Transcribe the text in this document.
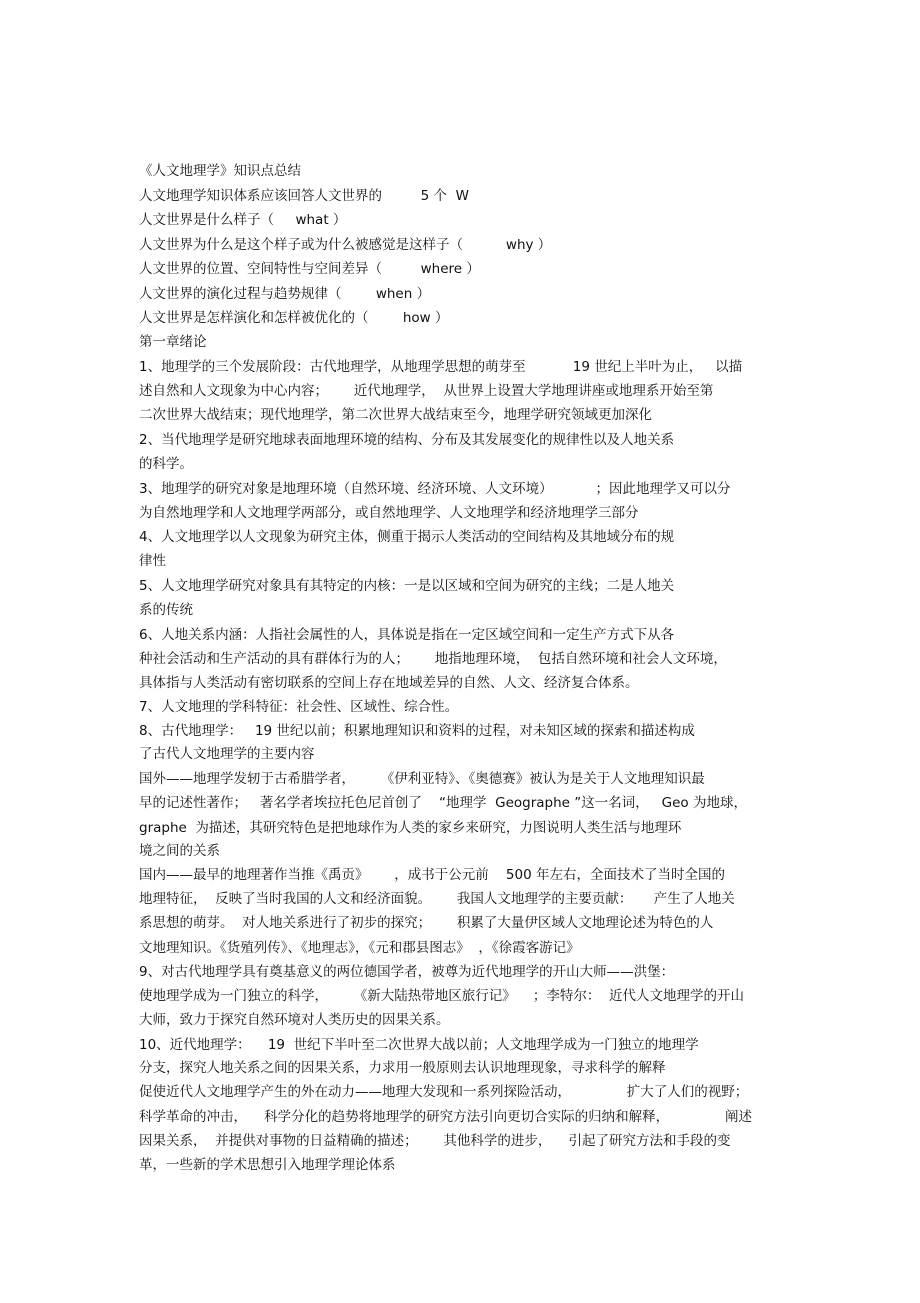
《人文地理学》知识点总结
人文地理学知识体系应该回答人文世界的         5 个  W
人文世界是什么样子（     what ）
人文世界为什么是这个样子或为什么被感觉是这样子（          why ）
人文世界的位置、空间特性与空间差异（         where ）
人文世界的演化过程与趋势规律（        when ）
人文世界是怎样演化和怎样被优化的（        how ）
第一章绪论
1、地理学的三个发展阶段：古代地理学，从地理学思想的萌芽至           19 世纪上半叶为止，   以描
述自然和人文现象为中心内容；      近代地理学，  从世界上设置大学地理讲座或地理系开始至第
二次世界大战结束；现代地理学，第二次世界大战结束至今，地理学研究领域更加深化
2、当代地理学是研究地球表面地理环境的结构、分布及其发展变化的规律性以及人地关系
的科学。
3、地理学的研究对象是地理环境（自然环境、经济环境、人文环境）          ；因此地理学又可以分
为自然地理学和人文地理学两部分，或自然地理学、人文地理学和经济地理学三部分
4、人文地理学以人文现象为研究主体，侧重于揭示人类活动的空间结构及其地域分布的规
律性
5、人文地理学研究对象具有其特定的内核：一是以区域和空间为研究的主线；二是人地关
系的传统
6、人地关系内涵：人指社会属性的人，具体说是指在一定区域空间和一定生产方式下从各
种社会活动和生产活动的具有群体行为的人；      地指地理环境，  包括自然环境和社会人文环境，
具体指与人类活动有密切联系的空间上存在地域差异的自然、人文、经济复合体系。
7、人文地理的学科特征：社会性、区域性、综合性。
8、古代地理学：   19 世纪以前；积累地理知识和资料的过程，对未知区域的探索和描述构成
了古代人文地理学的主要内容
国外——地理学发轫于古希腊学者，      《伊利亚特》、《奥德赛》被认为是关于人文地理知识最
早的记述性著作；   著名学者埃拉托色尼首创了    “地理学  Geographe ”这一名词，   Geo 为地球，
graphe  为描述，其研究特色是把地球作为人类的家乡来研究，力图说明人类生活与地理环
境之间的关系
国内——最早的地理著作当推《禹贡》      ，成书于公元前    500 年左右，全面技术了当时全国的
地理特征，  反映了当时我国的人文和经济面貌。      我国人文地理学的主要贡献：     产生了人地关
系思想的萌芽。  对人地关系进行了初步的探究；      积累了大量伊区域人文地理论述为特色的人
文地理知识。《货殖列传》、《地理志》，《元和郡县图志》  ，《徐霞客游记》
9、对古代地理学具有奠基意义的两位德国学者，被尊为近代地理学的开山大师——洪堡：
使地理学成为一门独立的科学，      《新大陆热带地区旅行记》    ；李特尔：  近代人文地理学的开山
大师，致力于探究自然环境对人类历史的因果关系。
10、近代地理学：    19  世纪下半叶至二次世界大战以前；人文地理学成为一门独立的地理学
分支，探究人地关系之间的因果关系，力求用一般原则去认识地理现象，寻求科学的解释
促使近代人文地理学产生的外在动力——地理大发现和一系列探险活动，             扩大了人们的视野；
科学革命的冲击，    科学分化的趋势将地理学的研究方法引向更切合实际的归纳和解释，             阐述
因果关系，  并提供对事物的日益精确的描述；      其他科学的进步，    引起了研究方法和手段的变
革，一些新的学术思想引入地理学理论体系
